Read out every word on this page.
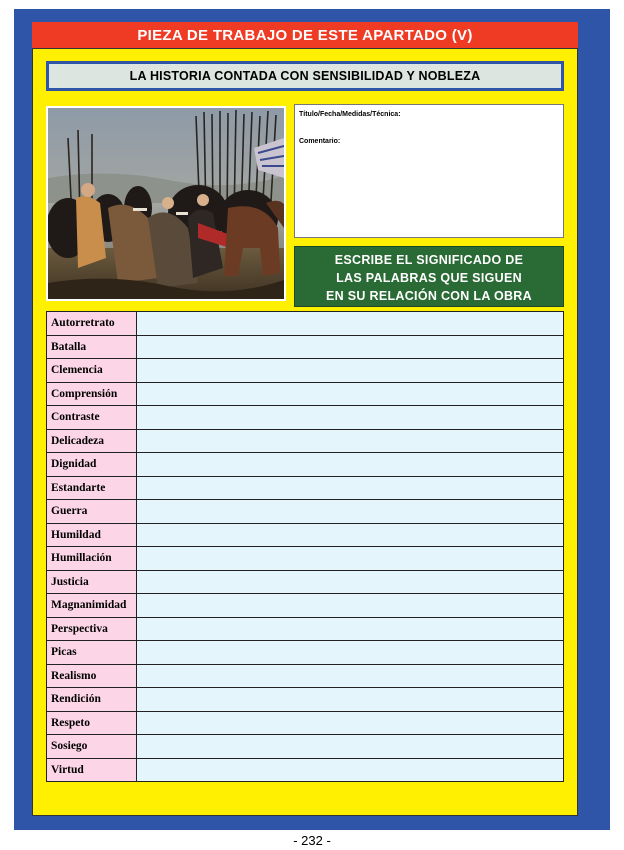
PIEZA DE TRABAJO DE ESTE APARTADO (V)
LA HISTORIA CONTADA CON SENSIBILIDAD Y NOBLEZA
Título/Fecha/Medidas/Técnica:
Comentario:
ESCRIBE EL SIGNIFICADO DE
LAS PALABRAS QUE SIGUEN
EN SU RELACIÓN CON LA OBRA
Autorretrato	
Batalla	
Clemencia	
Comprensión	
Contraste	
Delicadeza	
Dignidad	
Estandarte	
Guerra	
Humildad	
Humillación	
Justicia	
Magnanimidad	
Perspectiva	
Picas	
Realismo	
Rendición	
Respeto	
Sosiego	
Virtud	
- 232 -
